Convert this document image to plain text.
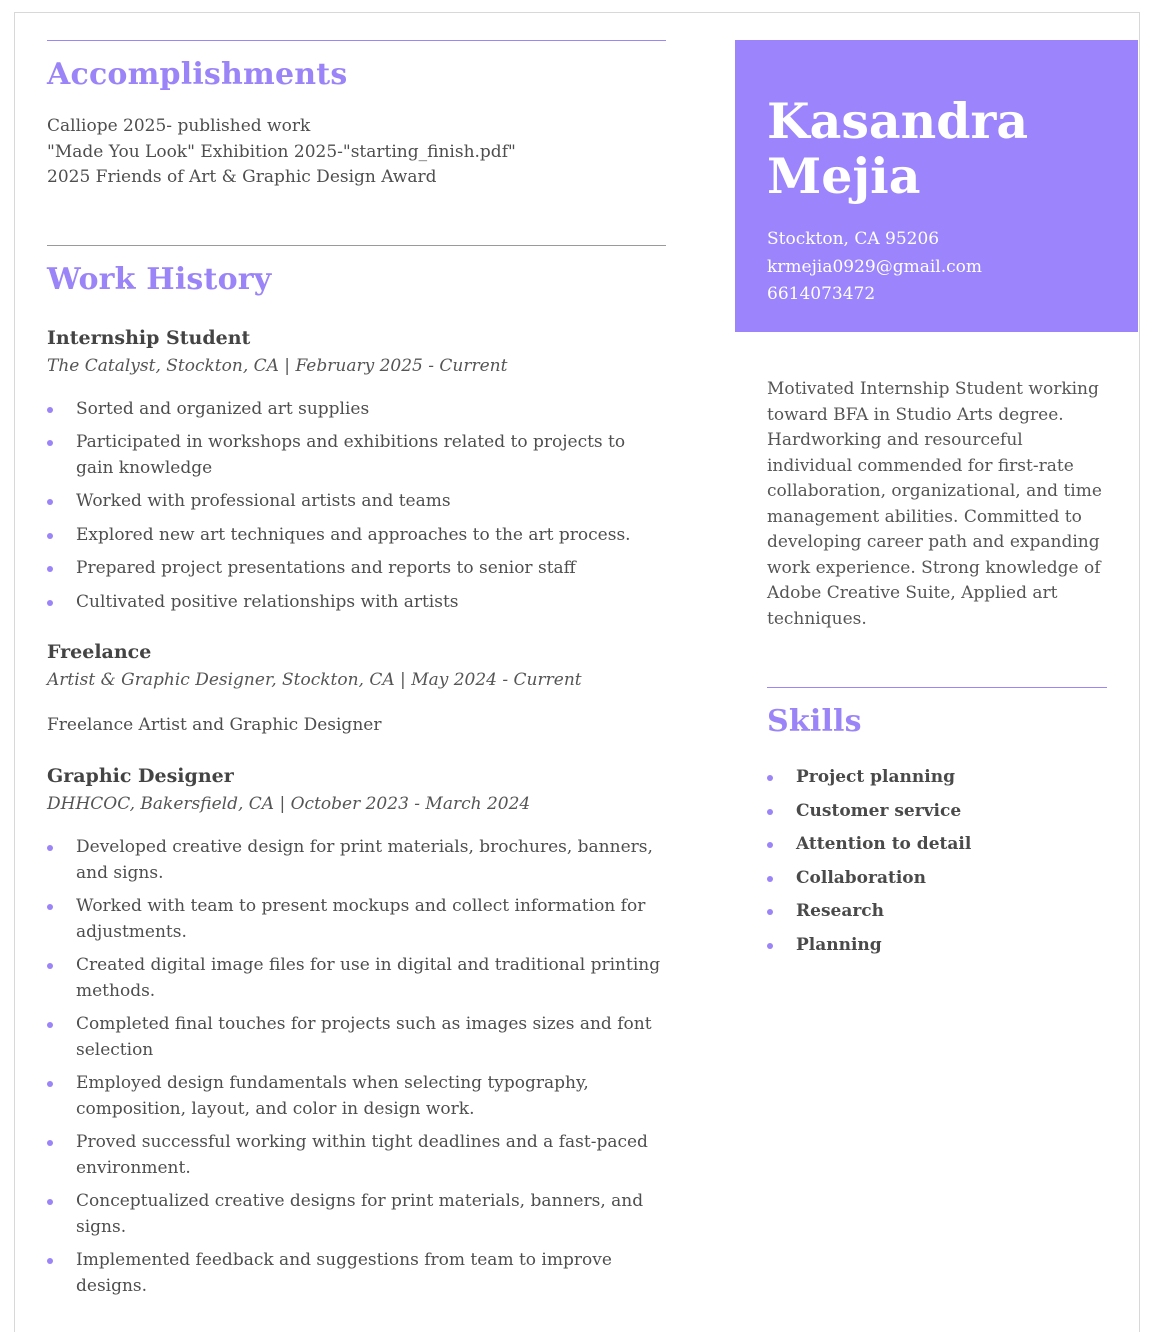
Accomplishments
Calliope 2025- published work
"Made You Look" Exhibition 2025-"starting_finish.pdf"
2025 Friends of Art & Graphic Design Award
Work History
Internship Student
The Catalyst, Stockton, CA | February 2025 - Current
Sorted and organized art supplies
Participated in workshops and exhibitions related to projects to gain knowledge
Worked with professional artists and teams
Explored new art techniques and approaches to the art process.
Prepared project presentations and reports to senior staff
Cultivated positive relationships with artists
Freelance
Artist & Graphic Designer, Stockton, CA | May 2024 - Current
Freelance Artist and Graphic Designer
Graphic Designer
DHHCOC, Bakersfield, CA | October 2023 - March 2024
Developed creative design for print materials, brochures, banners, and signs.
Worked with team to present mockups and collect information for adjustments.
Created digital image files for use in digital and traditional printing methods.
Completed final touches for projects such as images sizes and font selection
Employed design fundamentals when selecting typography, composition, layout, and color in design work.
Proved successful working within tight deadlines and a fast-paced environment.
Conceptualized creative designs for print materials, banners, and signs.
Implemented feedback and suggestions from team to improve designs.
Kasandra
Mejia
Stockton, CA 95206
krmejia0929@gmail.com
6614073472
Motivated Internship Student working toward BFA in Studio Arts degree. Hardworking and resourceful individual commended for first-rate collaboration, organizational, and time management abilities. Committed to developing career path and expanding work experience. Strong knowledge of Adobe Creative Suite, Applied art techniques.
Skills
Project planning
Customer service
Attention to detail
Collaboration
Research
Planning
